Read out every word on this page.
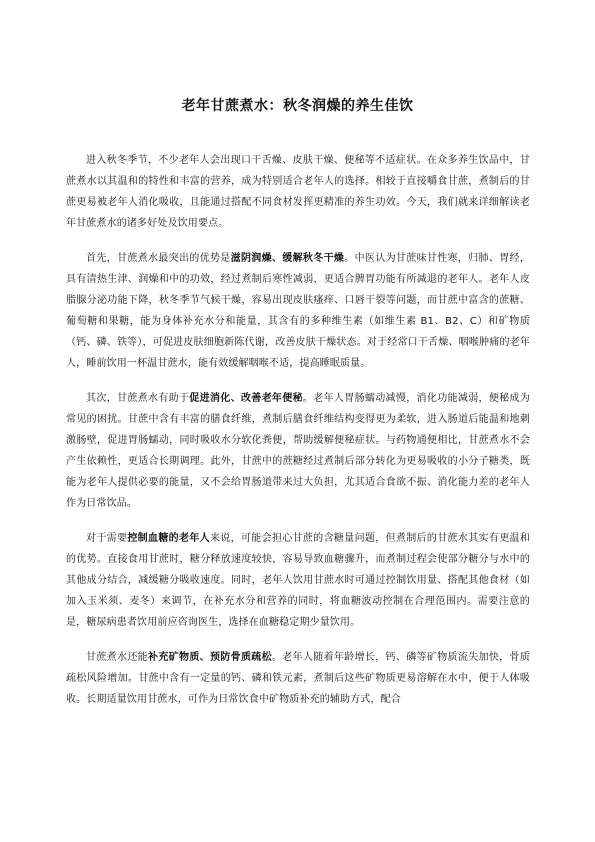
老年甘蔗煮水：秋冬润燥的养生佳饮

进入秋冬季节，不少老年人会出现口干舌燥、皮肤干燥、便秘等不适症状。在众多养生饮品中，甘蔗煮水以其温和的特性和丰富的营养，成为特别适合老年人的选择。相较于直接嚼食甘蔗，煮制后的甘蔗更易被老年人消化吸收，且能通过搭配不同食材发挥更精准的养生功效。今天，我们就来详细解读老年甘蔗煮水的诸多好处及饮用要点。

首先，甘蔗煮水最突出的优势是滋阴润燥、缓解秋冬干燥。中医认为甘蔗味甘性寒，归肺、胃经，具有清热生津、润燥和中的功效，经过煮制后寒性减弱，更适合脾胃功能有所减退的老年人。老年人皮脂腺分泌功能下降，秋冬季节气候干燥，容易出现皮肤瘙痒、口唇干裂等问题，而甘蔗中富含的蔗糖、葡萄糖和果糖，能为身体补充水分和能量，其含有的多种维生素（如维生素 B1、B2、C）和矿物质（钙、磷、铁等），可促进皮肤细胞新陈代谢，改善皮肤干燥状态。对于经常口干舌燥、咽喉肿痛的老年人，睡前饮用一杯温甘蔗水，能有效缓解咽喉不适，提高睡眠质量。

其次，甘蔗煮水有助于促进消化、改善老年便秘。老年人胃肠蠕动减慢，消化功能减弱，便秘成为常见的困扰。甘蔗中含有丰富的膳食纤维，煮制后膳食纤维结构变得更为柔软，进入肠道后能温和地刺激肠壁，促进胃肠蠕动，同时吸收水分软化粪便，帮助缓解便秘症状。与药物通便相比，甘蔗煮水不会产生依赖性，更适合长期调理。此外，甘蔗中的蔗糖经过煮制后部分转化为更易吸收的小分子糖类，既能为老年人提供必要的能量，又不会给胃肠道带来过大负担，尤其适合食欲不振、消化能力差的老年人作为日常饮品。

对于需要控制血糖的老年人来说，可能会担心甘蔗的含糖量问题，但煮制后的甘蔗水其实有更温和的优势。直接食用甘蔗时，糖分释放速度较快，容易导致血糖骤升，而煮制过程会使部分糖分与水中的其他成分结合，减缓糖分吸收速度。同时，老年人饮用甘蔗水时可通过控制饮用量、搭配其他食材（如加入玉米须、麦冬）来调节，在补充水分和营养的同时，将血糖波动控制在合理范围内。需要注意的是，糖尿病患者饮用前应咨询医生，选择在血糖稳定期少量饮用。

甘蔗煮水还能补充矿物质、预防骨质疏松。老年人随着年龄增长，钙、磷等矿物质流失加快，骨质疏松风险增加。甘蔗中含有一定量的钙、磷和铁元素，煮制后这些矿物质更易溶解在水中，便于人体吸收。长期适量饮用甘蔗水，可作为日常饮食中矿物质补充的辅助方式，配合
